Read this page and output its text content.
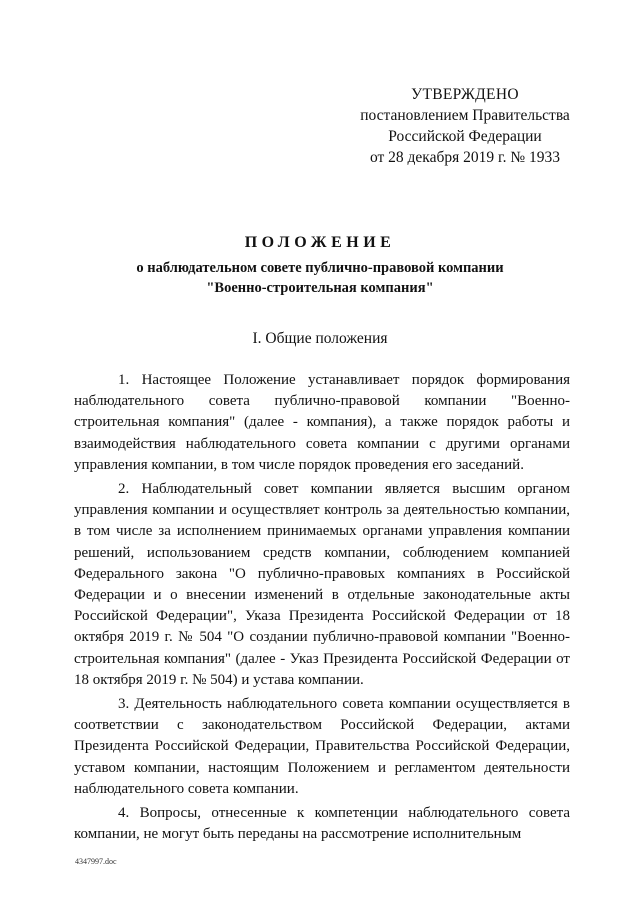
УТВЕРЖДЕНО
постановлением Правительства
Российской Федерации
от 28 декабря 2019 г. № 1933
ПОЛОЖЕНИЕ
о наблюдательном совете публично-правовой компании
"Военно-строительная компания"
I. Общие положения

1. Настоящее Положение устанавливает порядок формирования наблюдательного совета публично-правовой компании "Военно-строительная компания" (далее - компания), а также порядок работы и взаимодействия наблюдательного совета компании с другими органами управления компании, в том числе порядок проведения его заседаний.

2. Наблюдательный совет компании является высшим органом управления компании и осуществляет контроль за деятельностью компании, в том числе за исполнением принимаемых органами управления компании решений, использованием средств компании, соблюдением компанией Федерального закона "О публично-правовых компаниях в Российской Федерации и о внесении изменений в отдельные законодательные акты Российской Федерации", Указа Президента Российской Федерации от 18 октября 2019 г. № 504 "О создании публично-правовой компании "Военно-строительная компания" (далее - Указ Президента Российской Федерации от 18 октября 2019 г. № 504) и устава компании.

3. Деятельность наблюдательного совета компании осуществляется в соответствии с законодательством Российской Федерации, актами Президента Российской Федерации, Правительства Российской Федерации, уставом компании, настоящим Положением и регламентом деятельности наблюдательного совета компании.

4. Вопросы, отнесенные к компетенции наблюдательного совета компании, не могут быть переданы на рассмотрение исполнительным

4347997.doc
